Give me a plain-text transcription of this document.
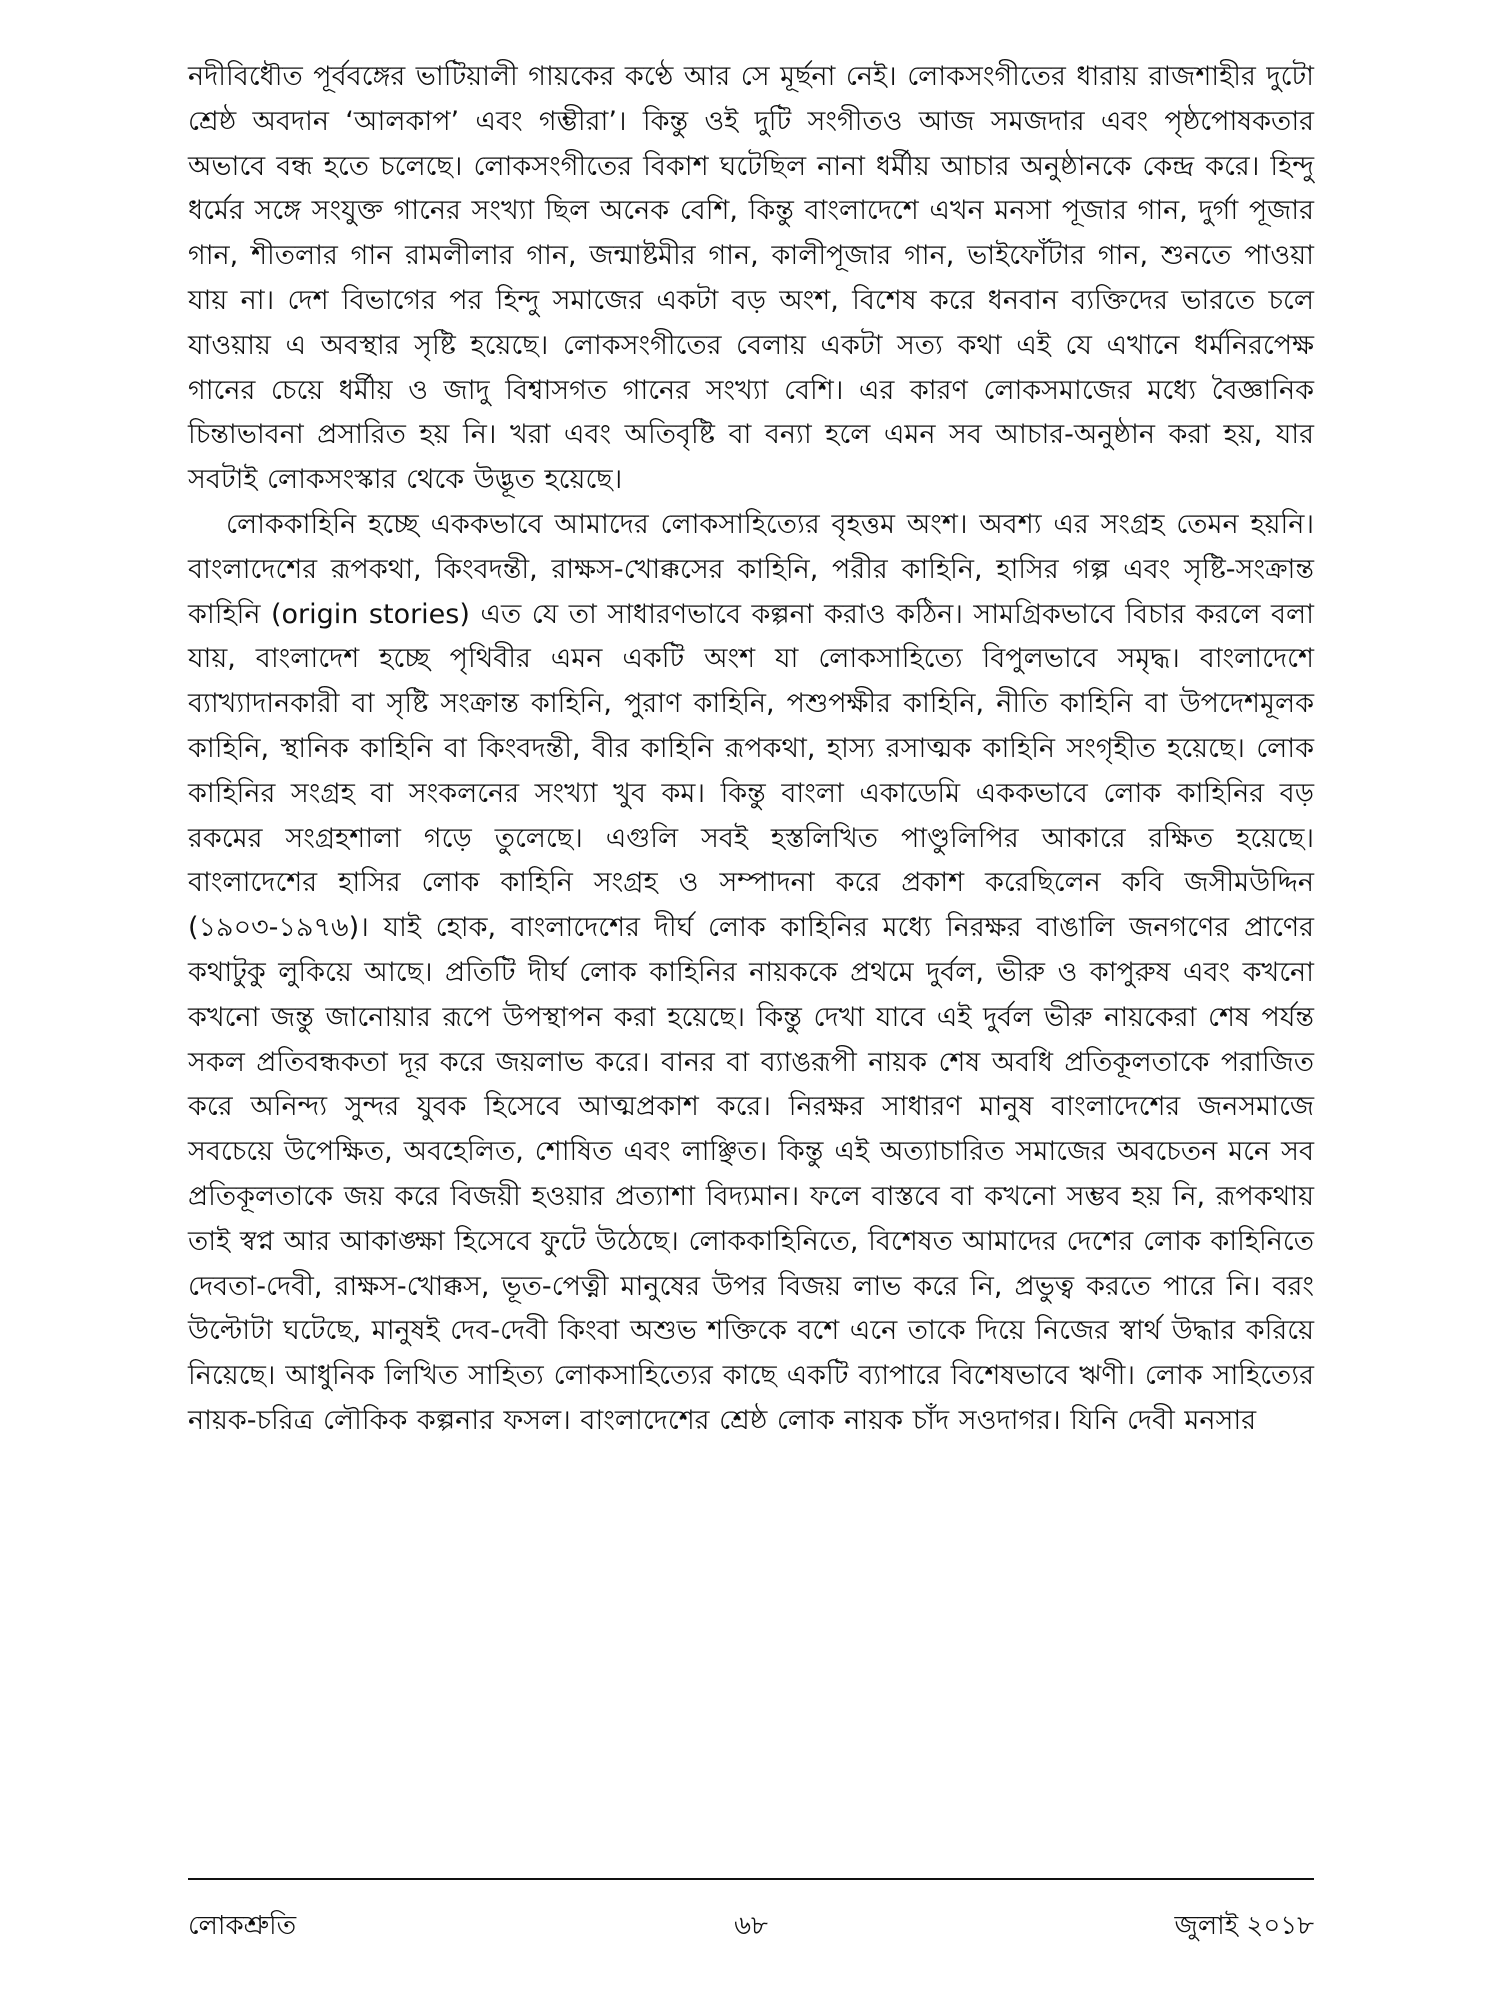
নদীবিধৌত পূর্ববঙ্গের ভাটিয়ালী গায়কের কণ্ঠে আর সে মূর্ছনা নেই। লোকসংগীতের ধারায় রাজশাহীর দুটো শ্রেষ্ঠ অবদান ‘আলকাপ’ এবং গম্ভীরা’। কিন্তু ওই দুটি সংগীতও আজ সমজদার এবং পৃষ্ঠপোষকতার অভাবে বন্ধ হতে চলেছে। লোকসংগীতের বিকাশ ঘটেছিল নানা ধর্মীয় আচার অনুষ্ঠানকে কেন্দ্র করে। হিন্দু ধর্মের সঙ্গে সংযুক্ত গানের সংখ্যা ছিল অনেক বেশি, কিন্তু বাংলাদেশে এখন মনসা পূজার গান, দুর্গা পূজার গান, শীতলার গান রামলীলার গান, জন্মাষ্টমীর গান, কালীপূজার গান, ভাইফোঁটার গান, শুনতে পাওয়া যায় না। দেশ বিভাগের পর হিন্দু সমাজের একটা বড় অংশ, বিশেষ করে ধনবান ব্যক্তিদের ভারতে চলে যাওয়ায় এ অবস্থার সৃষ্টি হয়েছে। লোকসংগীতের বেলায় একটা সত্য কথা এই যে এখানে ধর্মনিরপেক্ষ গানের চেয়ে ধর্মীয় ও জাদু বিশ্বাসগত গানের সংখ্যা বেশি। এর কারণ লোকসমাজের মধ্যে বৈজ্ঞানিক চিন্তাভাবনা প্রসারিত হয় নি। খরা এবং অতিবৃষ্টি বা বন্যা হলে এমন সব আচার-অনুষ্ঠান করা হয়, যার সবটাই লোকসংস্কার থেকে উদ্ভূত হয়েছে।

লোককাহিনি হচ্ছে এককভাবে আমাদের লোকসাহিত্যের বৃহত্তম অংশ। অবশ্য এর সংগ্রহ তেমন হয়নি। বাংলাদেশের রূপকথা, কিংবদন্তী, রাক্ষস-খোক্কসের কাহিনি, পরীর কাহিনি, হাসির গল্প এবং সৃষ্টি-সংক্রান্ত কাহিনি (origin stories) এত যে তা সাধারণভাবে কল্পনা করাও কঠিন। সামগ্রিকভাবে বিচার করলে বলা যায়, বাংলাদেশ হচ্ছে পৃথিবীর এমন একটি অংশ যা লোকসাহিত্যে বিপুলভাবে সমৃদ্ধ। বাংলাদেশে ব্যাখ্যাদানকারী বা সৃষ্টি সংক্রান্ত কাহিনি, পুরাণ কাহিনি, পশুপক্ষীর কাহিনি, নীতি কাহিনি বা উপদেশমূলক কাহিনি, স্থানিক কাহিনি বা কিংবদন্তী, বীর কাহিনি রূপকথা, হাস্য রসাত্মক কাহিনি সংগৃহীত হয়েছে। লোক কাহিনির সংগ্রহ বা সংকলনের সংখ্যা খুব কম। কিন্তু বাংলা একাডেমি এককভাবে লোক কাহিনির বড় রকমের সংগ্রহশালা গড়ে তুলেছে। এগুলি সবই হস্তলিখিত পাণ্ডুলিপির আকারে রক্ষিত হয়েছে। বাংলাদেশের হাসির লোক কাহিনি সংগ্রহ ও সম্পাদনা করে প্রকাশ করেছিলেন কবি জসীমউদ্দিন (১৯০৩-১৯৭৬)। যাই হোক, বাংলাদেশের দীর্ঘ লোক কাহিনির মধ্যে নিরক্ষর বাঙালি জনগণের প্রাণের কথাটুকু লুকিয়ে আছে। প্রতিটি দীর্ঘ লোক কাহিনির নায়ককে প্রথমে দুর্বল, ভীরু ও কাপুরুষ এবং কখনো কখনো জন্তু জানোয়ার রূপে উপস্থাপন করা হয়েছে। কিন্তু দেখা যাবে এই দুর্বল ভীরু নায়কেরা শেষ পর্যন্ত সকল প্রতিবন্ধকতা দূর করে জয়লাভ করে। বানর বা ব্যাঙরূপী নায়ক শেষ অবধি প্রতিকূলতাকে পরাজিত করে অনিন্দ্য সুন্দর যুবক হিসেবে আত্মপ্রকাশ করে। নিরক্ষর সাধারণ মানুষ বাংলাদেশের জনসমাজে সবচেয়ে উপেক্ষিত, অবহেলিত, শোষিত এবং লাঞ্ছিত। কিন্তু এই অত্যাচারিত সমাজের অবচেতন মনে সব প্রতিকূলতাকে জয় করে বিজয়ী হওয়ার প্রত্যাশা বিদ্যমান। ফলে বাস্তবে বা কখনো সম্ভব হয় নি, রূপকথায় তাই স্বপ্ন আর আকাঙ্ক্ষা হিসেবে ফুটে উঠেছে। লোককাহিনিতে, বিশেষত আমাদের দেশের লোক কাহিনিতে দেবতা-দেবী, রাক্ষস-খোক্কস, ভূত-পেত্নী মানুষের উপর বিজয় লাভ করে নি, প্রভুত্ব করতে পারে নি। বরং উল্টোটা ঘটেছে, মানুষই দেব-দেবী কিংবা অশুভ শক্তিকে বশে এনে তাকে দিয়ে নিজের স্বার্থ উদ্ধার করিয়ে নিয়েছে। আধুনিক লিখিত সাহিত্য লোকসাহিত্যের কাছে একটি ব্যাপারে বিশেষভাবে ঋণী। লোক সাহিত্যের নায়ক-চরিত্র লৌকিক কল্পনার ফসল। বাংলাদেশের শ্রেষ্ঠ লোক নায়ক চাঁদ সওদাগর। যিনি দেবী মনসার

লোকশ্রুতি	৬৮	জুলাই ২০১৮
